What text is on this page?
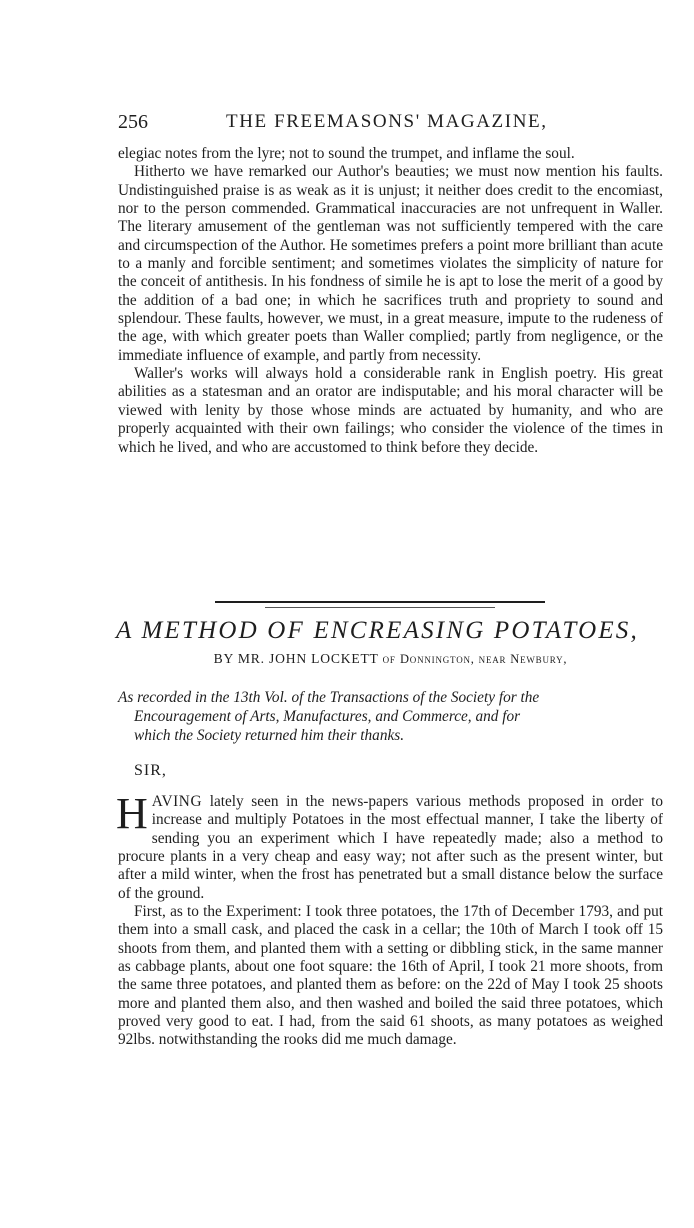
256	THE FREEMASONS' MAGAZINE,

elegiac notes from the lyre; not to sound the trumpet, and inflame the soul.

Hitherto we have remarked our Author's beauties; we must now mention his faults. Undistinguished praise is as weak as it is unjust; it neither does credit to the encomiast, nor to the person commended. Grammatical inaccuracies are not unfrequent in Waller. The literary amusement of the gentleman was not sufficiently tempered with the care and circumspection of the Author. He sometimes prefers a point more brilliant than acute to a manly and forcible sentiment; and sometimes violates the simplicity of nature for the conceit of antithesis. In his fondness of simile he is apt to lose the merit of a good by the addition of a bad one; in which he sacrifices truth and propriety to sound and splendour. These faults, however, we must, in a great measure, impute to the rudeness of the age, with which greater poets than Waller complied; partly from negligence, or the immediate influence of example, and partly from necessity.

Waller's works will always hold a considerable rank in English poetry. His great abilities as a statesman and an orator are indisputable; and his moral character will be viewed with lenity by those whose minds are actuated by humanity, and who are properly acquainted with their own failings; who consider the violence of the times in which he lived, and who are accustomed to think before they decide.

A METHOD OF ENCREASING POTATOES,
BY MR. JOHN LOCKETT of Donnington, near Newbury,
As recorded in the 13th Vol. of the Transactions of the Society for the
Encouragement of Arts, Manufactures, and Commerce, and for
which the Society returned him their thanks.
SIR,

HAVING lately seen in the news-papers various methods proposed in order to increase and multiply Potatoes in the most effectual manner, I take the liberty of sending you an experiment which I have repeatedly made; also a method to procure plants in a very cheap and easy way; not after such as the present winter, but after a mild winter, when the frost has penetrated but a small distance below the surface of the ground.

First, as to the Experiment: I took three potatoes, the 17th of December 1793, and put them into a small cask, and placed the cask in a cellar; the 10th of March I took off 15 shoots from them, and planted them with a setting or dibbling stick, in the same manner as cabbage plants, about one foot square: the 16th of April, I took 21 more shoots, from the same three potatoes, and planted them as before: on the 22d of May I took 25 shoots more and planted them also, and then washed and boiled the said three potatoes, which proved very good to eat. I had, from the said 61 shoots, as many potatoes as weighed 92lbs. notwithstanding the rooks did me much damage.
